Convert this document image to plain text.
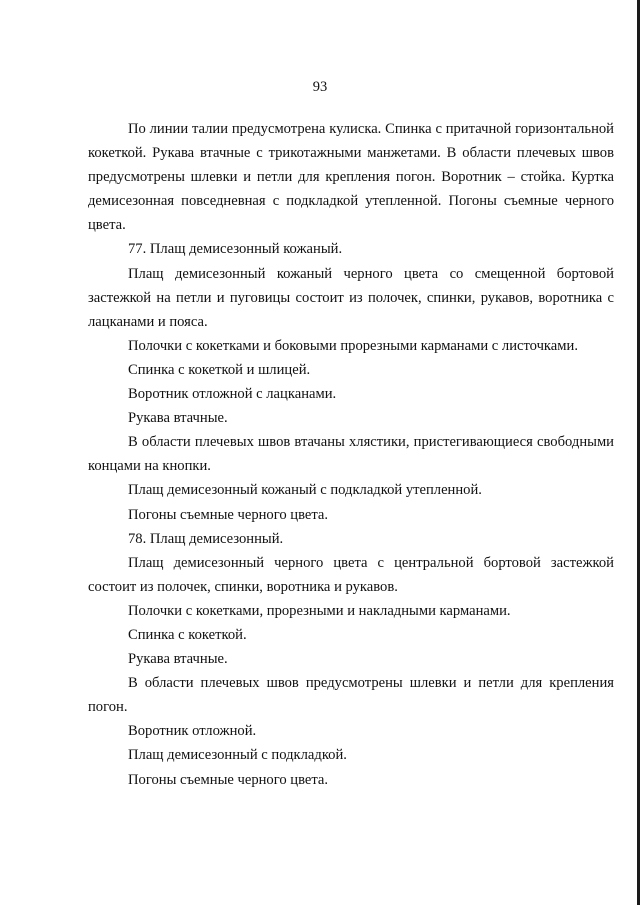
93

По линии талии предусмотрена кулиска. Спинка с притачной горизонтальной кокеткой. Рукава втачные с трикотажными манжетами. В области плечевых швов предусмотрены шлевки и петли для крепления погон. Воротник – стойка. Куртка демисезонная повседневная с подкладкой утепленной. Погоны съемные черного цвета.

77. Плащ демисезонный кожаный.

Плащ демисезонный кожаный черного цвета со смещенной бортовой застежкой на петли и пуговицы состоит из полочек, спинки, рукавов, воротника с лацканами и пояса.

Полочки с кокетками и боковыми прорезными карманами с листочками.

Спинка с кокеткой и шлицей.

Воротник отложной с лацканами.

Рукава втачные.

В области плечевых швов втачаны хлястики, пристегивающиеся свободными концами на кнопки.

Плащ демисезонный кожаный с подкладкой утепленной.

Погоны съемные черного цвета.

78. Плащ демисезонный.

Плащ демисезонный черного цвета с центральной бортовой застежкой состоит из полочек, спинки, воротника и рукавов.

Полочки с кокетками, прорезными и накладными карманами.

Спинка с кокеткой.

Рукава втачные.

В области плечевых швов предусмотрены шлевки и петли для крепления погон.

Воротник отложной.

Плащ демисезонный с подкладкой.

Погоны съемные черного цвета.
